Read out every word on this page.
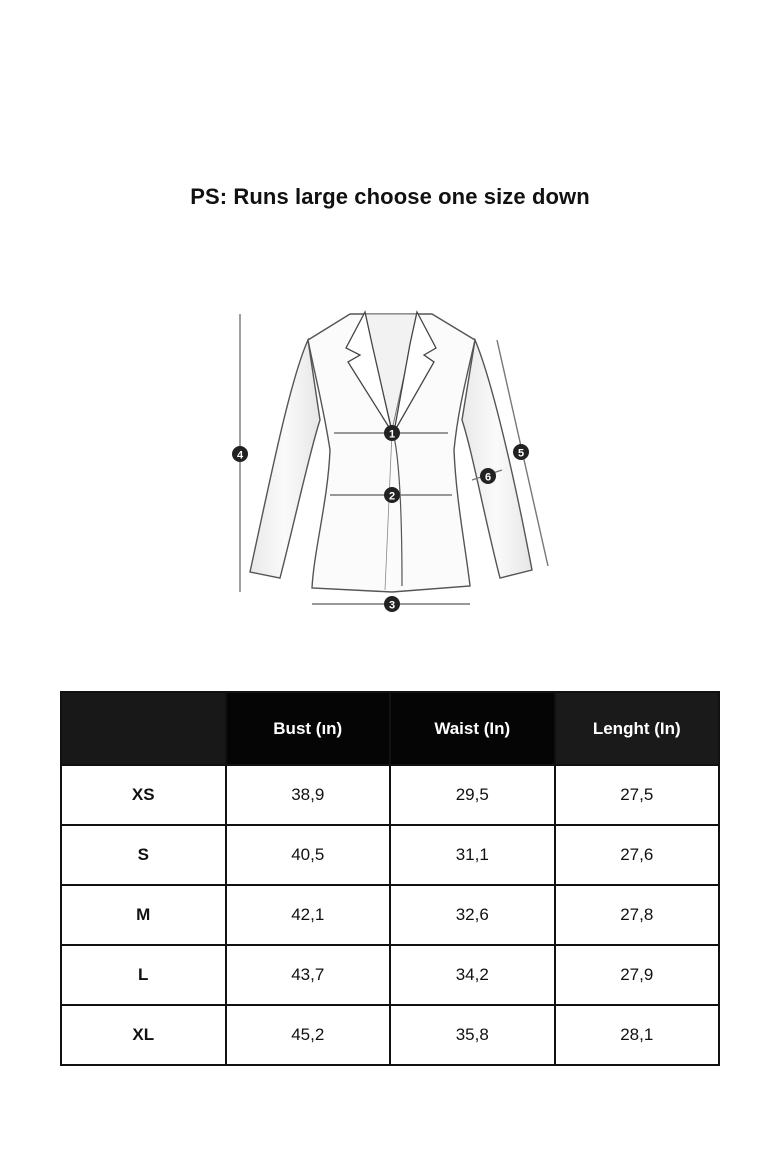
PS: Runs large choose one size down
1
2
3
4	5
6
	Bust (ın)	Waist (In)	Lenght (In)
XS	38,9	29,5	27,5
S	40,5	31,1	27,6
M	42,1	32,6	27,8
L	43,7	34,2	27,9
XL	45,2	35,8	28,1
